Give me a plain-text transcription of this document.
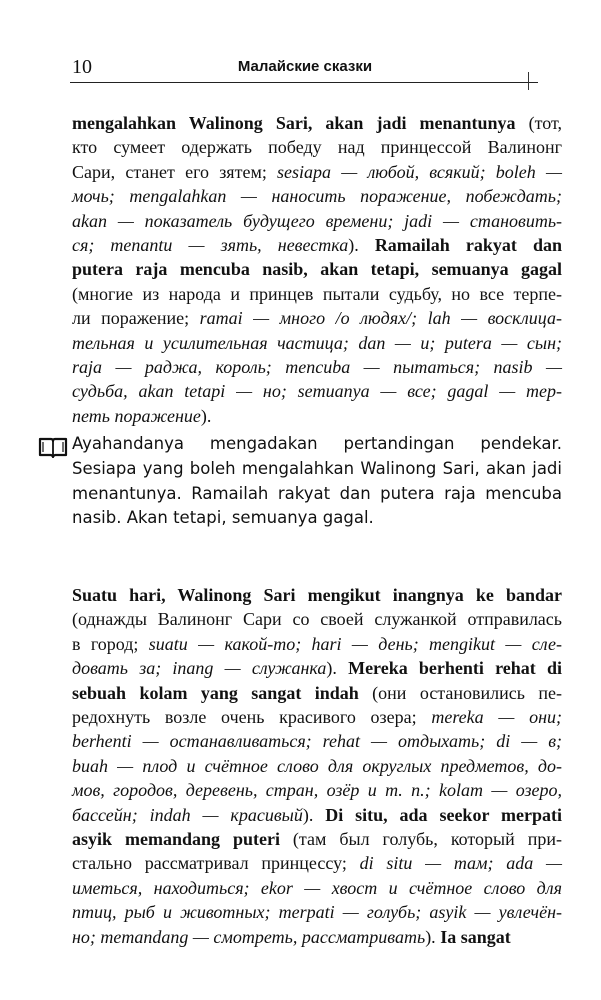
10	Малайские сказки
mengalahkan Walinong Sari, akan jadi menantunya (тот,
кто сумеет одержать победу над принцессой Валинонг
Сари, станет его зятем; sesiapa — любой, всякий; boleh —
мочь; mengalahkan — наносить поражение, побеждать;
akan — показатель будущего времени; jadi — становить-
ся; menantu — зять, невестка). Ramailah rakyat dan
putera raja mencuba nasib, akan tetapi, semuanya gagal
(многие из народа и принцев пытали судьбу, но все терпе-
ли поражение; ramai — много /о людях/; lah — восклица-
тельная и усилительная частица; dan — и; putera — сын;
raja — раджа, король; mencuba — пытаться; nasib —
судьба, akan tetapi — но; semuanya — все; gagal — тер-
петь поражение).
Ayahandanya mengadakan pertandingan pendekar.
Sesiapa yang boleh mengalahkan Walinong Sari, akan jadi
menantunya. Ramailah rakyat dan putera raja mencuba
nasib. Akan tetapi, semuanya gagal.
Suatu hari, Walinong Sari mengikut inangnya ke bandar
(однажды Валинонг Сари со своей служанкой отправилась
в город; suatu — какой-то; hari — день; mengikut — сле-
довать за; inang — служанка). Mereka berhenti rehat di
sebuah kolam yang sangat indah (они остановились пе-
редохнуть возле очень красивого озера; mereka — они;
berhenti — останавливаться; rehat — отдыхать; di — в;
buah — плод и счётное слово для округлых предметов, до-
мов, городов, деревень, стран, озёр и т. п.; kolam — озеро,
бассейн; indah — красивый). Di situ, ada seekor merpati
asyik memandang puteri (там был голубь, который при-
стально рассматривал принцессу; di situ — там; ada —
иметься, находиться; ekor — хвост и счётное слово для
птиц, рыб и животных; merpati — голубь; asyik — увлечён-
но; memandang — смотреть, рассматривать). Ia sangat
